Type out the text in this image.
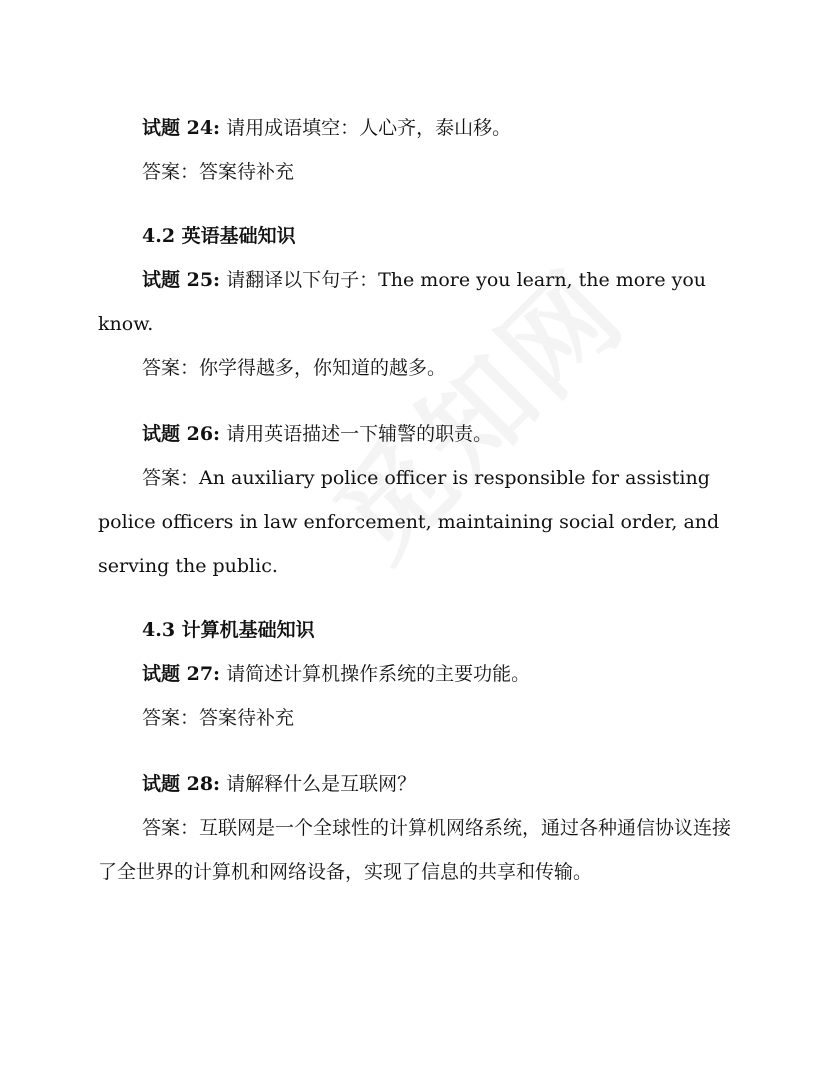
试题 24: 请用成语填空：人心齐，泰山移。

答案：答案待补充

4.2 英语基础知识

试题 25: 请翻译以下句子：The more you learn, the more you know.

答案：你学得越多，你知道的越多。

试题 26: 请用英语描述一下辅警的职责。

答案：An auxiliary police officer is responsible for assisting police officers in law enforcement, maintaining social order, and serving the public.

4.3 计算机基础知识

试题 27: 请简述计算机操作系统的主要功能。

答案：答案待补充

试题 28: 请解释什么是互联网？

答案：互联网是一个全球性的计算机网络系统，通过各种通信协议连接了全世界的计算机和网络设备，实现了信息的共享和传输。
